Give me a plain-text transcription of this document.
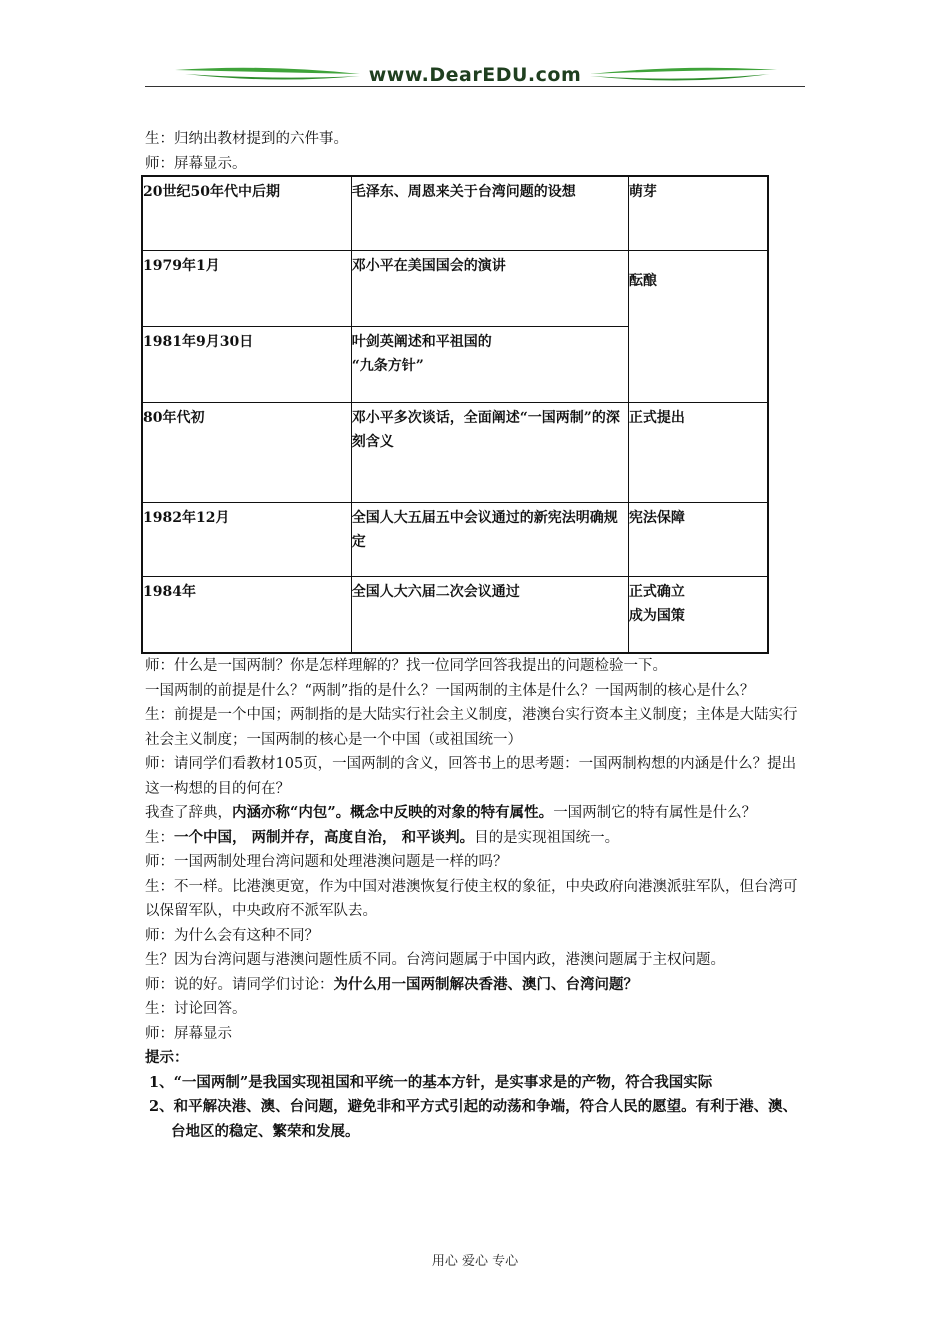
www.DearEDU.com

生：归纳出教材提到的六件事。

师：屏幕显示。

20世纪50年代中后期	毛泽东、周恩来关于台湾问题的设想	萌芽
1979年1月	邓小平在美国国会的演讲	酝酿
1981年9月30日	叶剑英阐述和平祖国的
“九条方针”	

80年代初	邓小平多次谈话，全面阐述“一国两制”的深刻含义	正式提出
1982年12月	全国人大五届五中会议通过的新宪法明确规定	宪法保障
1984年	全国人大六届二次会议通过	正式确立
成为国策

师：什么是一国两制？你是怎样理解的？找一位同学回答我提出的问题检验一下。

一国两制的前提是什么？“两制”指的是什么？一国两制的主体是什么？一国两制的核心是什么？

生：前提是一个中国；两制指的是大陆实行社会主义制度，港澳台实行资本主义制度；主体是大陆实行社会主义制度；一国两制的核心是一个中国（或祖国统一）

师：请同学们看教材105页，一国两制的含义，回答书上的思考题：一国两制构想的内涵是什么？提出这一构想的目的何在？

我查了辞典，内涵亦称“内包”。概念中反映的对象的特有属性。一国两制它的特有属性是什么？

生：一个中国， 两制并存，高度自治， 和平谈判。目的是实现祖国统一。

师：一国两制处理台湾问题和处理港澳问题是一样的吗？

生：不一样。比港澳更宽，作为中国对港澳恢复行使主权的象征，中央政府向港澳派驻军队，但台湾可以保留军队，中央政府不派军队去。

师：为什么会有这种不同？

生？因为台湾问题与港澳问题性质不同。台湾问题属于中国内政，港澳问题属于主权问题。

师：说的好。请同学们讨论：为什么用一国两制解决香港、澳门、台湾问题？

生：讨论回答。

师：屏幕显示

提示：

1、“一国两制”是我国实现祖国和平统一的基本方针，是实事求是的产物，符合我国实际

2、和平解决港、澳、台问题，避免非和平方式引起的动荡和争端，符合人民的愿望。有利于港、澳、台地区的稳定、繁荣和发展。

用心 爱心 专心
